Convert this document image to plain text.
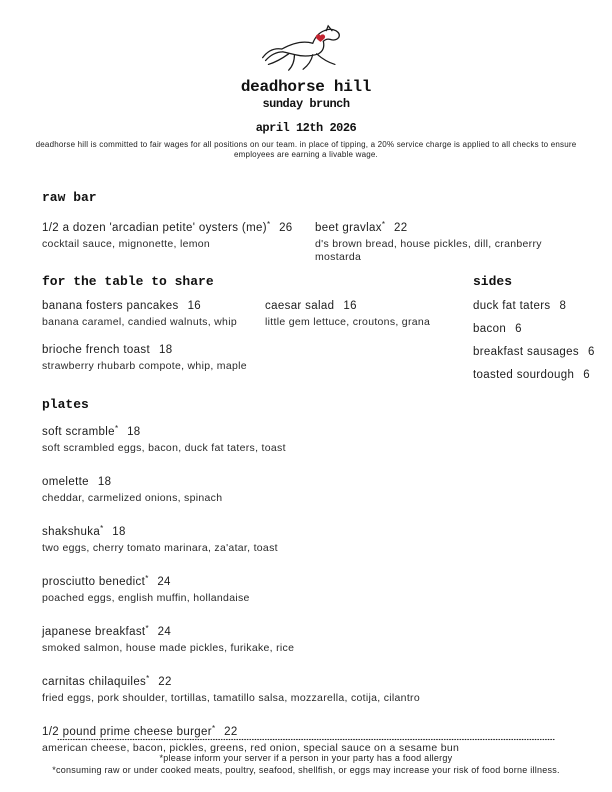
deadhorse hill
sunday brunch
april 12th 2026

deadhorse hill is committed to fair wages for all positions on our team. in place of tipping, a 20% service charge is applied to all checks to ensure employees are earning a livable wage.

raw bar
1/2 a dozen 'arcadian petite' oysters (me)* 26
cocktail sauce, mignonette, lemon
beet gravlax* 22
d's brown bread, house pickles, dill, cranberry mostarda
for the table to share
banana fosters pancakes 16
banana caramel, candied walnuts, whip
brioche french toast 18
strawberry rhubarb compote, whip, maple
caesar salad 16
little gem lettuce, croutons, grana
sides
duck fat taters 8
bacon 6
breakfast sausages 6
toasted sourdough 6
plates
soft scramble* 18
soft scrambled eggs, bacon, duck fat taters, toast
omelette 18
cheddar, carmelized onions, spinach
shakshuka* 18
two eggs, cherry tomato marinara, za'atar, toast
prosciutto benedict* 24
poached eggs, english muffin, hollandaise
japanese breakfast* 24
smoked salmon, house made pickles, furikake, rice
carnitas chilaquiles* 22
fried eggs, pork shoulder, tortillas, tamatillo salsa, mozzarella, cotija, cilantro
1/2 pound prime cheese burger* 22
american cheese, bacon, pickles, greens, red onion, special sauce on a sesame bun

*please inform your server if a person in your party has a food allergy

*consuming raw or under cooked meats, poultry, seafood, shellfish, or eggs may increase your risk of food borne illness.
